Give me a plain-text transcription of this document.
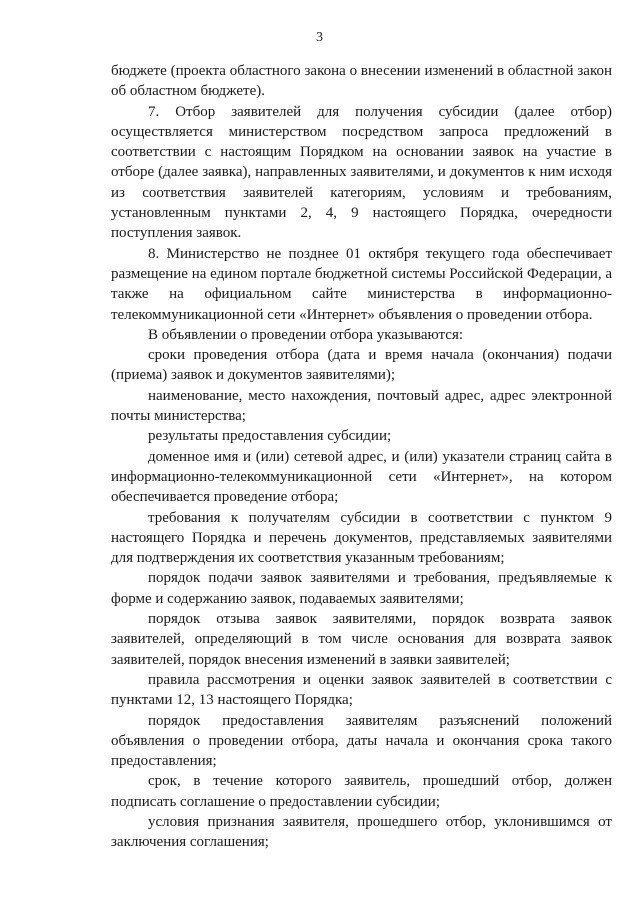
3

бюджете (проекта областного закона о внесении изменений в областной закон об областном бюджете).

7. Отбор заявителей для получения субсидии (далее отбор) осуществляется министерством посредством запроса предложений в соответствии с настоящим Порядком на основании заявок на участие в отборе (далее заявка), направленных заявителями, и документов к ним исходя из соответствия заявителей категориям, условиям и требованиям, установленным пунктами 2, 4, 9 настоящего Порядка, очередности поступления заявок.

8. Министерство не позднее 01 октября текущего года обеспечивает размещение на едином портале бюджетной системы Российской Федерации, а также на официальном сайте министерства в информационно-телекоммуникационной сети «Интернет» объявления о проведении отбора.

В объявлении о проведении отбора указываются:

сроки проведения отбора (дата и время начала (окончания) подачи (приема) заявок и документов заявителями);

наименование, место нахождения, почтовый адрес, адрес электронной почты министерства;

результаты предоставления субсидии;

доменное имя и (или) сетевой адрес, и (или) указатели страниц сайта в информационно-телекоммуникационной сети «Интернет», на котором обеспечивается проведение отбора;

требования к получателям субсидии в соответствии с пунктом 9 настоящего Порядка и перечень документов, представляемых заявителями для подтверждения их соответствия указанным требованиям;

порядок подачи заявок заявителями и требования, предъявляемые к форме и содержанию заявок, подаваемых заявителями;

порядок отзыва заявок заявителями, порядок возврата заявок заявителей, определяющий в том числе основания для возврата заявок заявителей, порядок внесения изменений в заявки заявителей;

правила рассмотрения и оценки заявок заявителей в соответствии с пунктами 12, 13 настоящего Порядка;

порядок предоставления заявителям разъяснений положений объявления о проведении отбора, даты начала и окончания срока такого предоставления;

срок, в течение которого заявитель, прошедший отбор, должен подписать соглашение о предоставлении субсидии;

условия признания заявителя, прошедшего отбор, уклонившимся от заключения соглашения;
